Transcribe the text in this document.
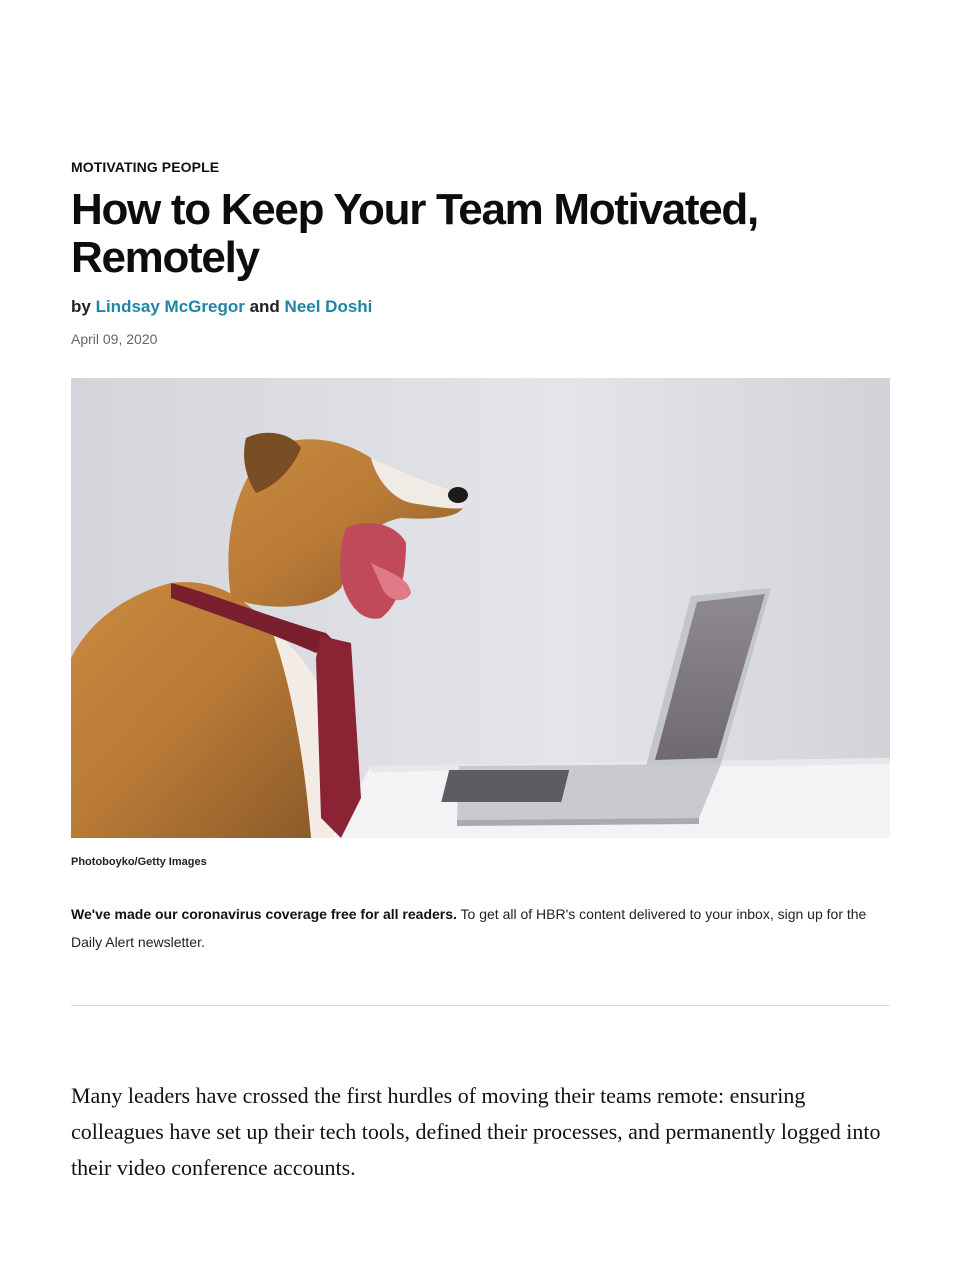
MOTIVATING PEOPLE
How to Keep Your Team Motivated, Remotely
by Lindsay McGregor and Neel Doshi
April 09, 2020
Photoboyko/Getty Images
We've made our coronavirus coverage free for all readers. To get all of HBR's content delivered to your inbox, sign up for the Daily Alert newsletter.

Many leaders have crossed the first hurdles of moving their teams remote: ensuring colleagues have set up their tech tools, defined their processes, and permanently logged into their video conference accounts.
